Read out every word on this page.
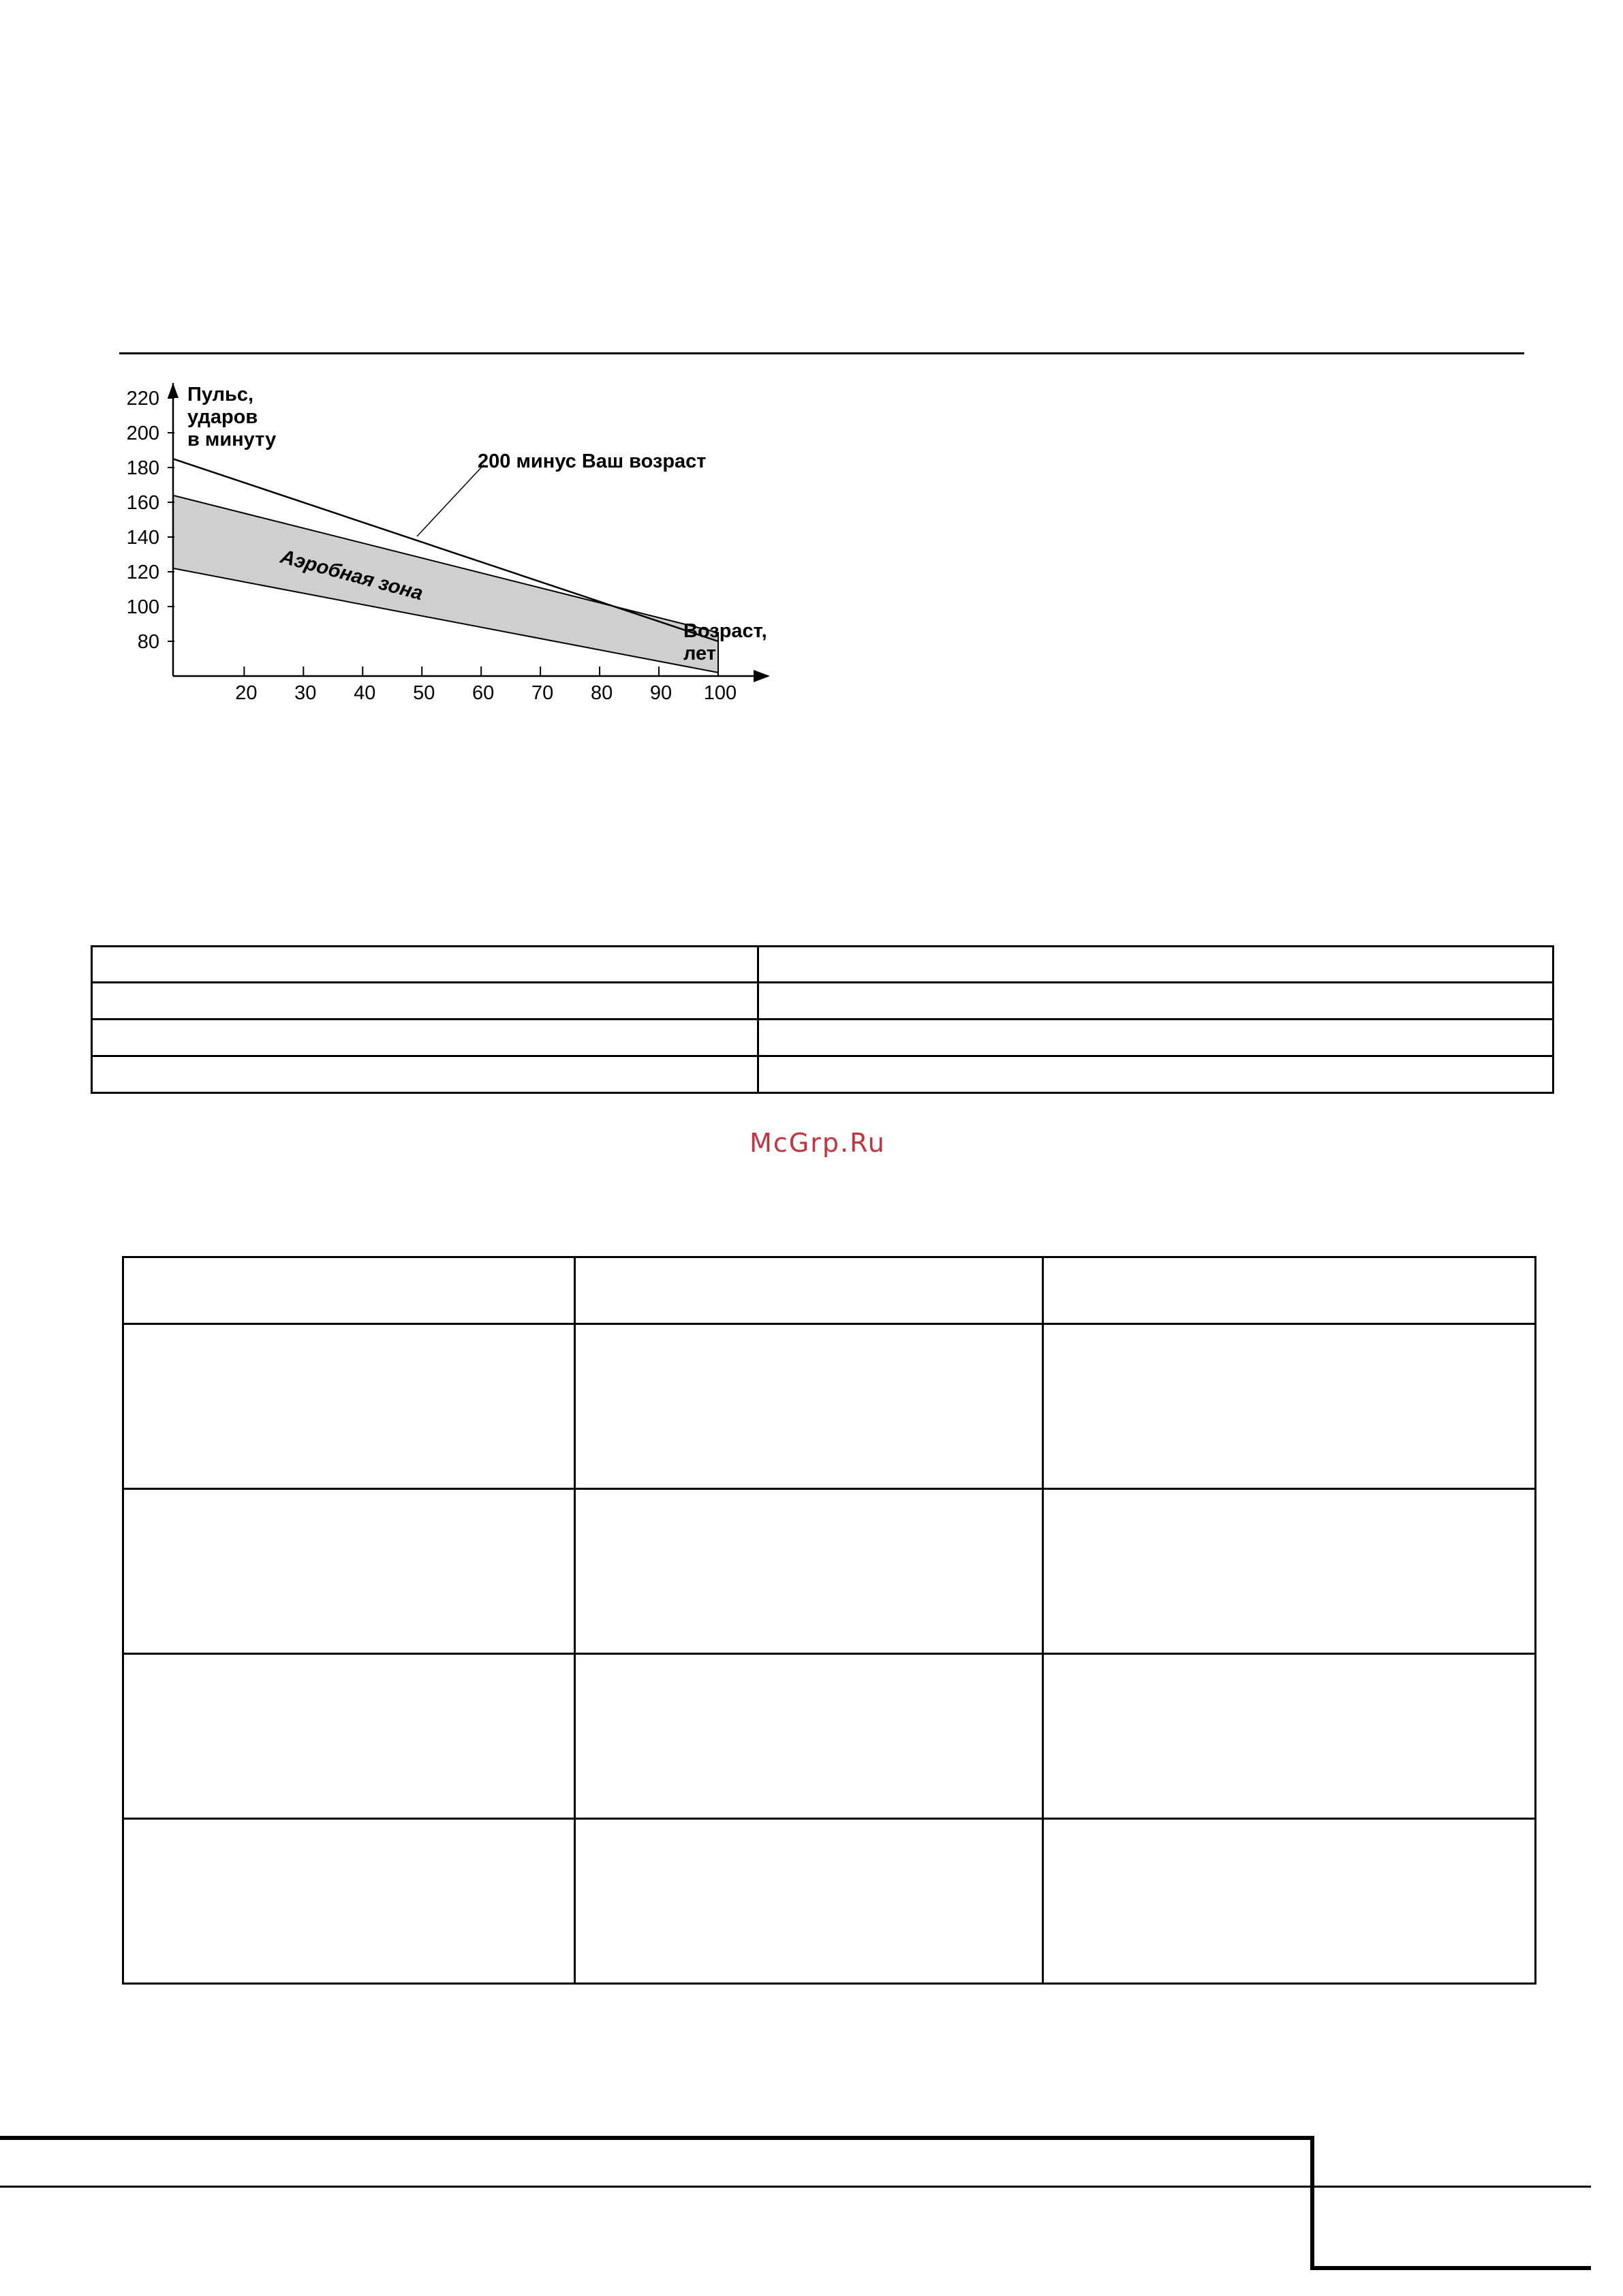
80
100
120
140
160
180
200
220
20 30 40 50 60 70 80 90 100
Пульс, ударов в минуту
Возраст, лет
200 минус Ваш возраст
Аэробная зона
McGrp.Ru
